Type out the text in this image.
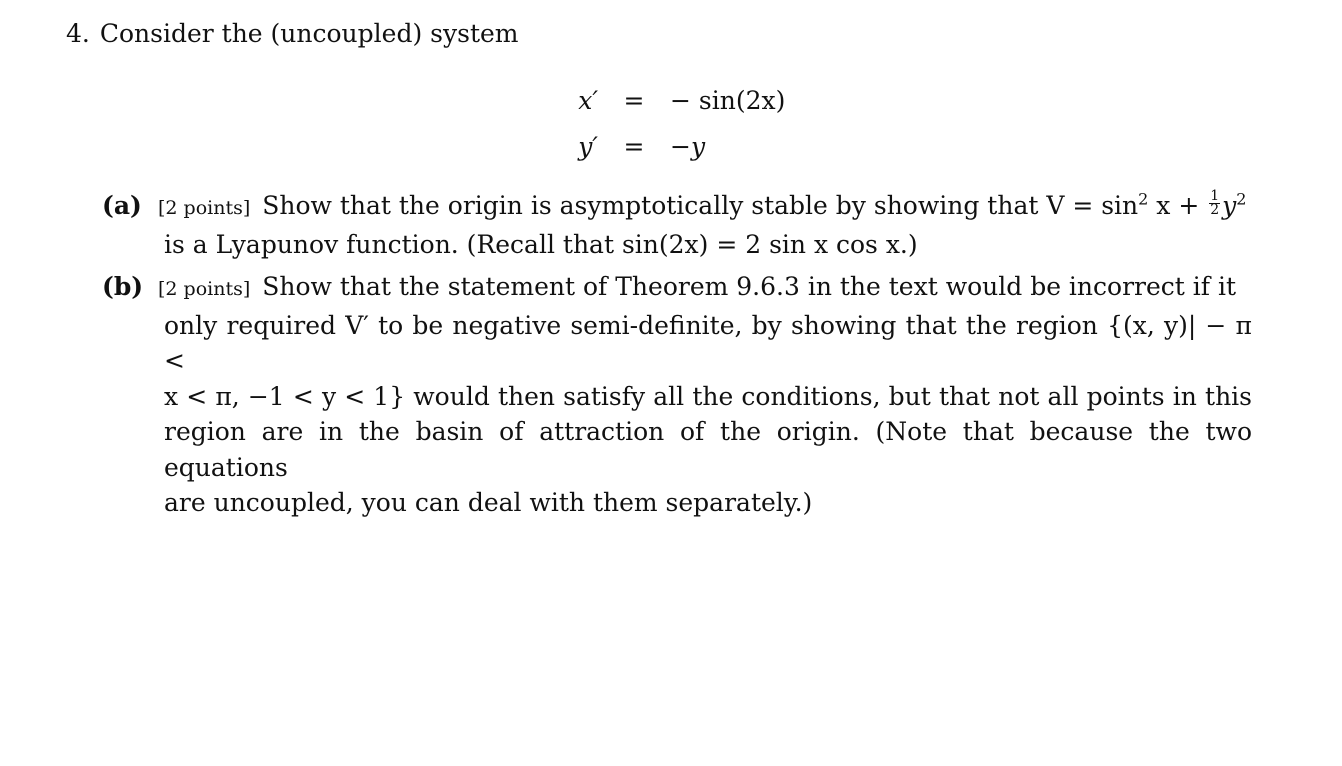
4. Consider the (uncoupled) system
x′	=	− sin(2x)
y′	=	−y
(a) [2 points] Show that the origin is asymptotically stable by showing that $V = \sin^2 x + \frac{1}{2} y^2$
is a Lyapunov function. (Recall that sin(2x) = 2 sin x cos x.)
(b) [2 points] Show that the statement of Theorem 9.6.3 in the text would be incorrect if it
only required V′ to be negative semi-definite, by showing that the region {(x, y)| − π <
x < π, −1 < y < 1} would then satisfy all the conditions, but that not all points in this
region are in the basin of attraction of the origin. (Note that because the two equations
are uncoupled, you can deal with them separately.)
